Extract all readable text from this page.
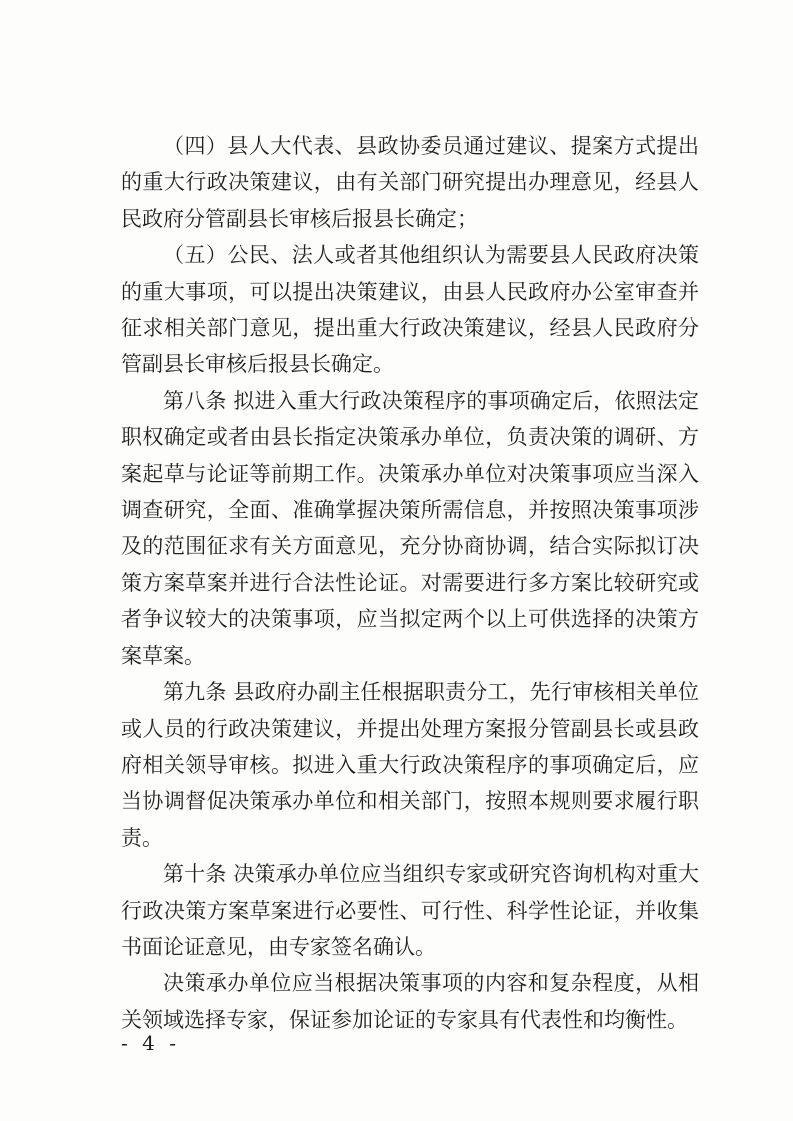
（四）县人大代表、县政协委员通过建议、提案方式提出的重大行政决策建议，由有关部门研究提出办理意见，经县人民政府分管副县长审核后报县长确定；

（五）公民、法人或者其他组织认为需要县人民政府决策的重大事项，可以提出决策建议，由县人民政府办公室审查并征求相关部门意见，提出重大行政决策建议，经县人民政府分管副县长审核后报县长确定。

第八条 拟进入重大行政决策程序的事项确定后，依照法定职权确定或者由县长指定决策承办单位，负责决策的调研、方案起草与论证等前期工作。决策承办单位对决策事项应当深入调查研究，全面、准确掌握决策所需信息，并按照决策事项涉及的范围征求有关方面意见，充分协商协调，结合实际拟订决策方案草案并进行合法性论证。对需要进行多方案比较研究或者争议较大的决策事项，应当拟定两个以上可供选择的决策方案草案。

第九条 县政府办副主任根据职责分工，先行审核相关单位或人员的行政决策建议，并提出处理方案报分管副县长或县政府相关领导审核。拟进入重大行政决策程序的事项确定后，应当协调督促决策承办单位和相关部门，按照本规则要求履行职责。

第十条 决策承办单位应当组织专家或研究咨询机构对重大行政决策方案草案进行必要性、可行性、科学性论证，并收集书面论证意见，由专家签名确认。

决策承办单位应当根据决策事项的内容和复杂程度，从相关领域选择专家，保证参加论证的专家具有代表性和均衡性。

- 4 -
